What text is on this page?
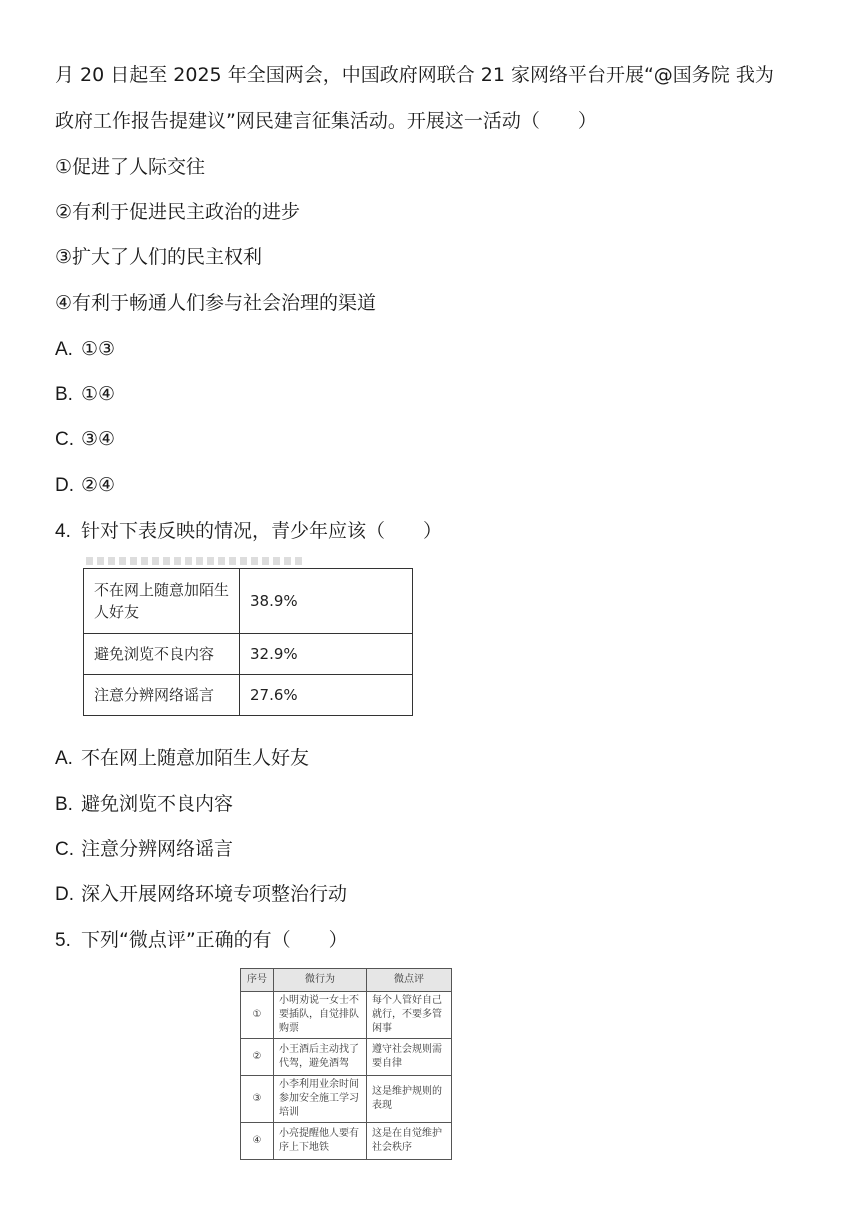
月 20 日起至 2025 年全国两会，中国政府网联合 21 家网络平台开展“@国务院 我为
政府工作报告提建议”网民建言征集活动。开展这一活动（　　）
①促进了人际交往
②有利于促进民主政治的进步
③扩大了人们的民主权利
④有利于畅通人们参与社会治理的渠道
A. ①③
B. ①④
C. ③④
D. ②④
4. 针对下表反映的情况，青少年应该（　　）
不在网上随意加陌生人好友	38.9%
避免浏览不良内容	32.9%
注意分辨网络谣言	27.6%
A. 不在网上随意加陌生人好友
B. 避免浏览不良内容
C. 注意分辨网络谣言
D. 深入开展网络环境专项整治行动
5. 下列“微点评”正确的有（　　）
序号	微行为	微点评
①	小明劝说一女士不要插队，自觉排队购票	每个人管好自己就行，不要多管闲事
②	小王酒后主动找了代驾，避免酒驾	遵守社会规则需要自律
③	小李利用业余时间参加安全施工学习培训	这是维护规则的表现
④	小亮提醒他人要有序上下地铁	这是在自觉维护社会秩序
